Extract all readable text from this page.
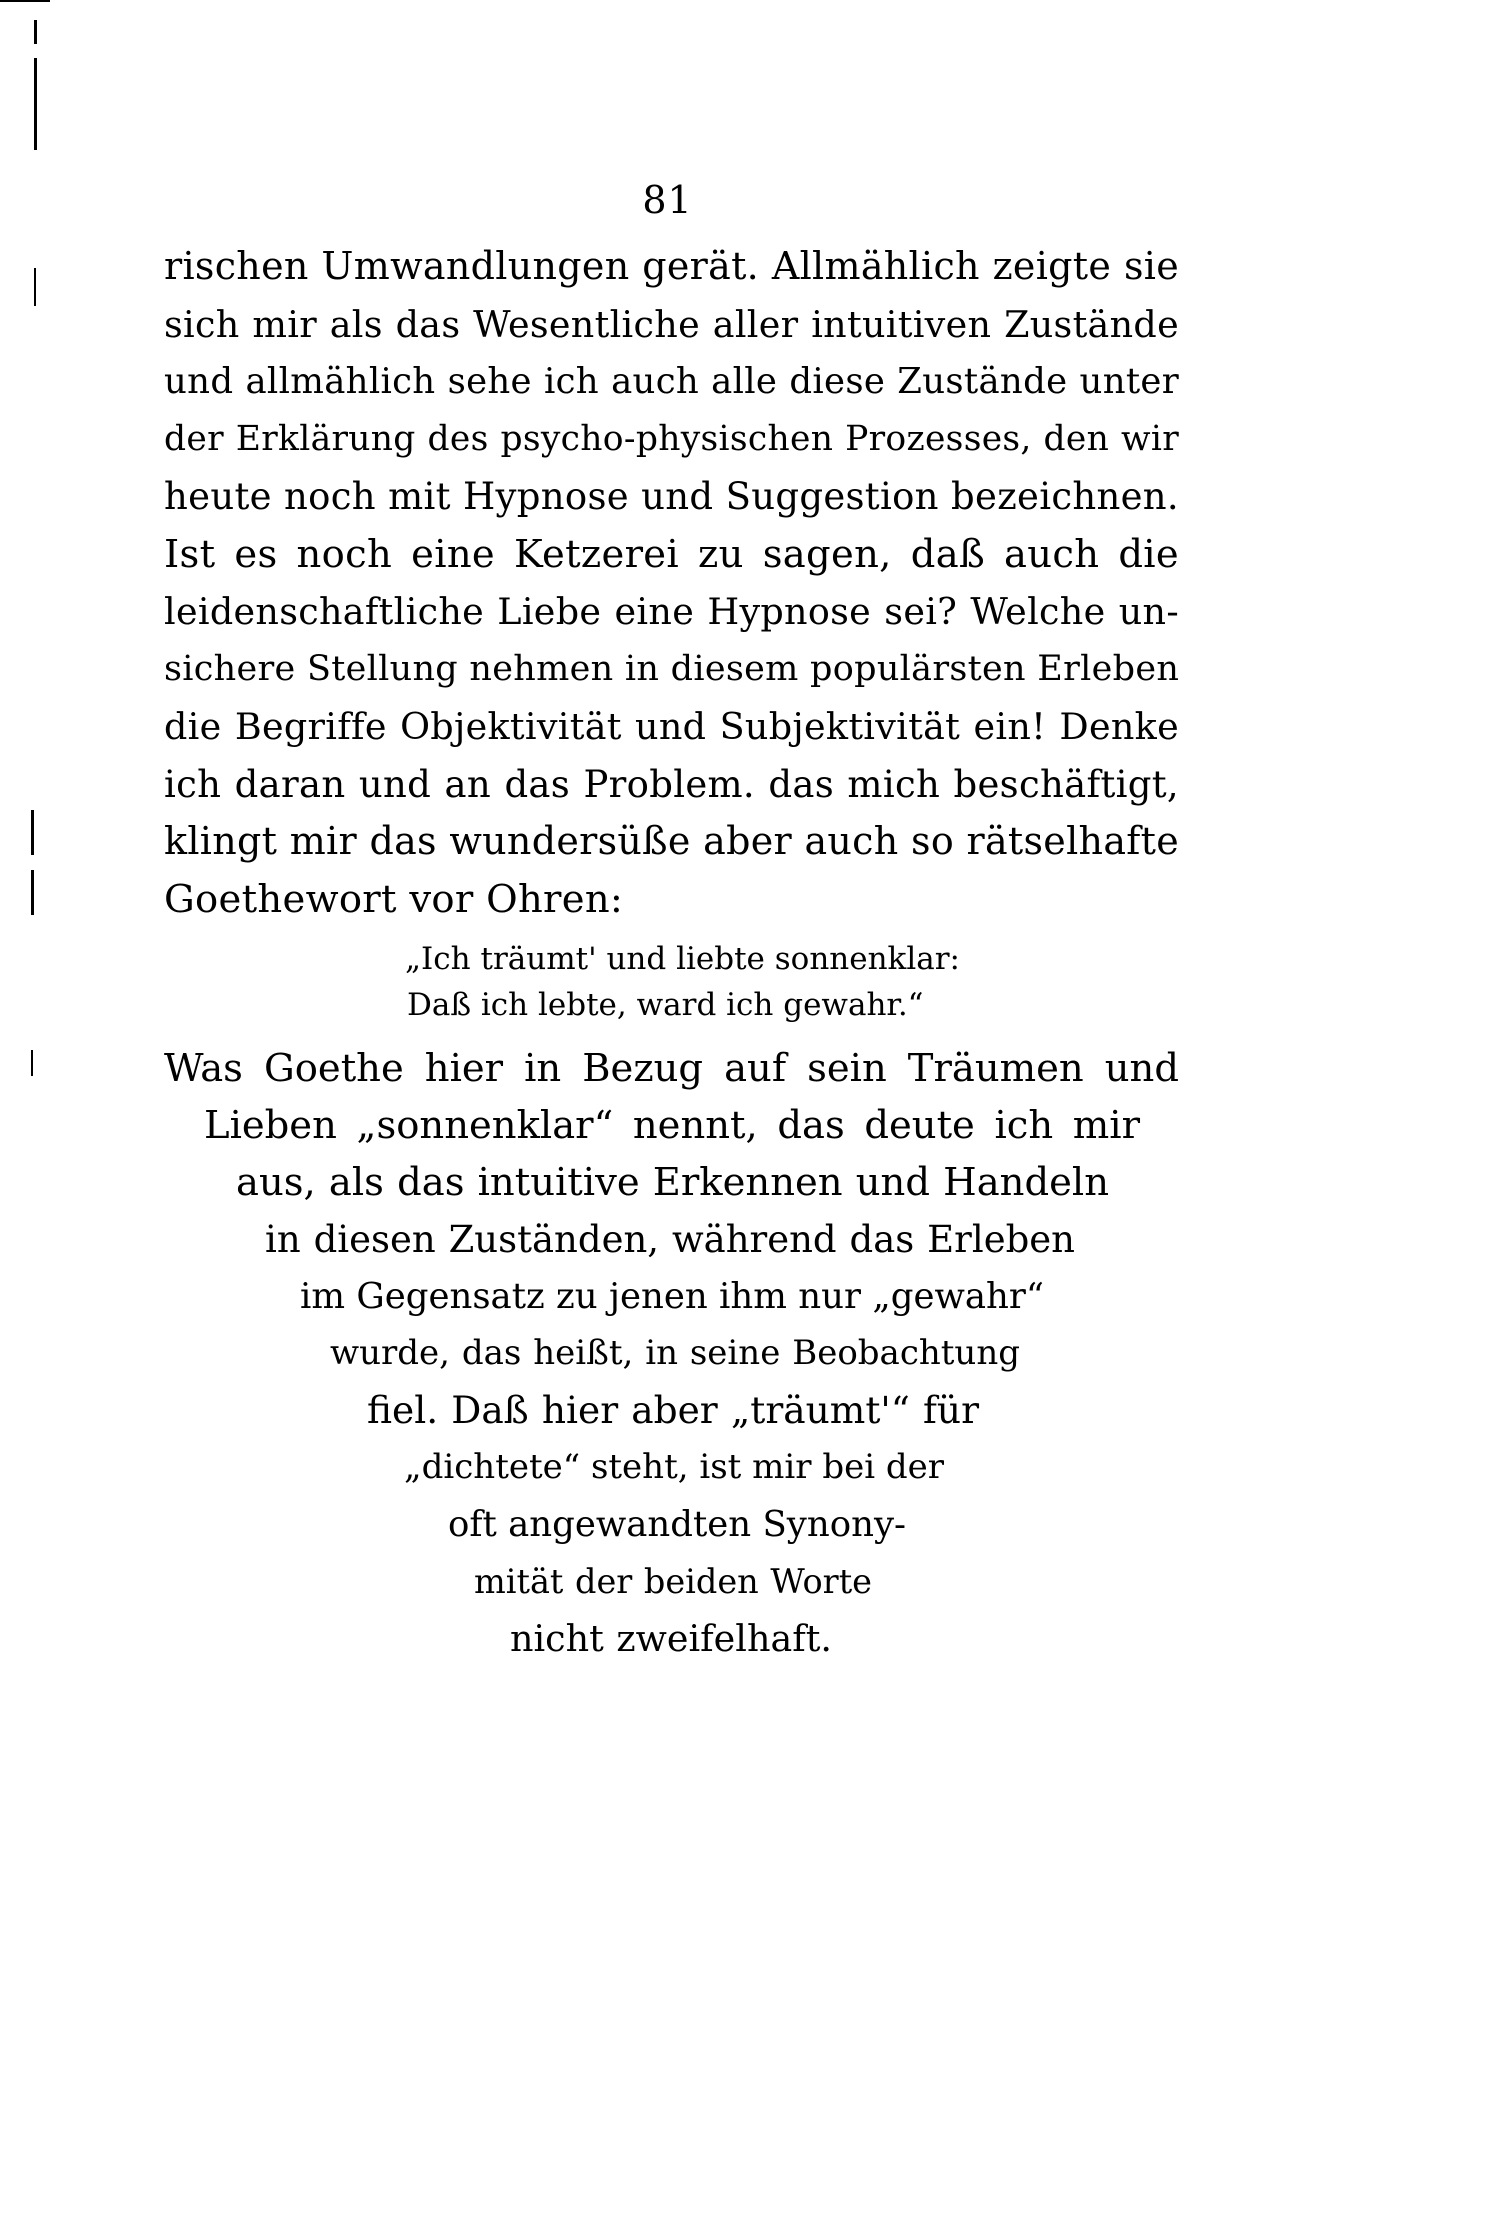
81
rischen Umwandlungen gerät. Allmählich zeigte sie
sich mir als das Wesentliche aller intuitiven Zustände
und allmählich sehe ich auch alle diese Zustände unter
der Erklärung des psycho-physischen Prozesses, den wir
heute noch mit Hypnose und Suggestion bezeichnen.
Ist es noch eine Ketzerei zu sagen, daß auch die
leidenschaftliche Liebe eine Hypnose sei? Welche un-
sichere Stellung nehmen in diesem populärsten Erleben
die Begriffe Objektivität und Subjektivität ein! Denke
ich daran und an das Problem. das mich beschäftigt,
klingt mir das wundersüße aber auch so rätselhafte
Goethewort vor Ohren:
„Ich träumt' und liebte sonnenklar:
Daß ich lebte, ward ich gewahr.“
Was Goethe hier in Bezug auf sein Träumen und
Lieben „sonnenklar“ nennt, das deute ich mir
aus, als das intuitive Erkennen und Handeln
in diesen Zuständen, während das Erleben
im Gegensatz zu jenen ihm nur „gewahr“
wurde, das heißt, in seine Beobachtung
fiel. Daß hier aber „träumt'“ für
„dichtete“ steht, ist mir bei der
oft angewandten Synony-
mität der beiden Worte
nicht zweifelhaft.
